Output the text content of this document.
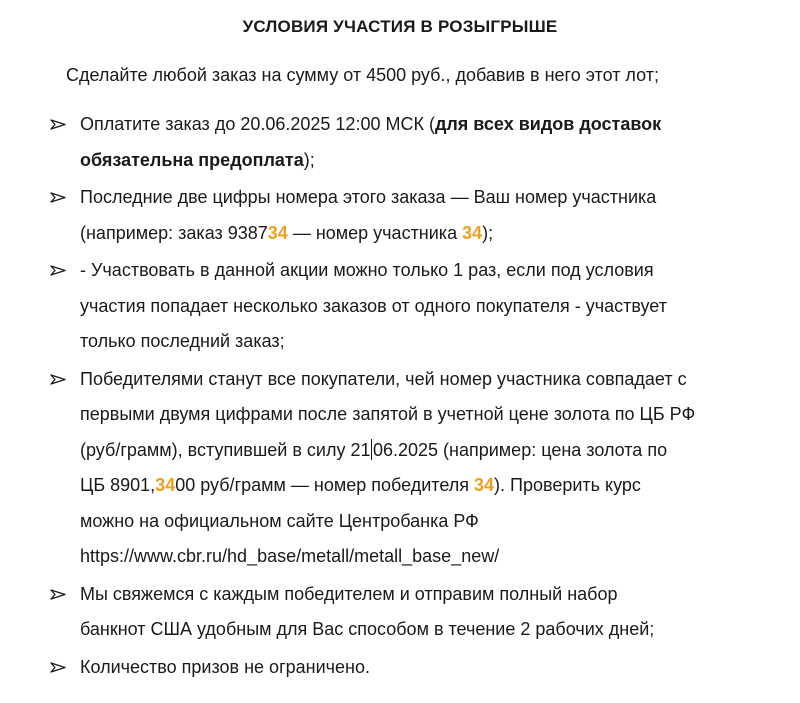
УСЛОВИЯ УЧАСТИЯ В РОЗЫГРЫШЕ
Сделайте любой заказ на сумму от 4500 руб., добавив в него этот лот;
Оплатите заказ до 20.06.2025 12:00 МСК (для всех видов доставок
обязательна предоплата);
Последние две цифры номера этого заказа — Ваш номер участника
(например: заказ 938734 — номер участника 34);
- Участвовать в данной акции можно только 1 раз, если под условия
участия попадает несколько заказов от одного покупателя - участвует
только последний заказ;
Победителями станут все покупатели, чей номер участника совпадает с
первыми двумя цифрами после запятой в учетной цене золота по ЦБ РФ
(руб/грамм), вступившей в силу 21 06.2025 (например: цена золота по
ЦБ 8901,3400 руб/грамм — номер победителя 34). Проверить курс
можно на официальном сайте Центробанка РФ
https://www.cbr.ru/hd_base/metall/metall_base_new/
Мы свяжемся с каждым победителем и отправим полный набор
банкнот США удобным для Вас способом в течение 2 рабочих дней;
Количество призов не ограничено.
